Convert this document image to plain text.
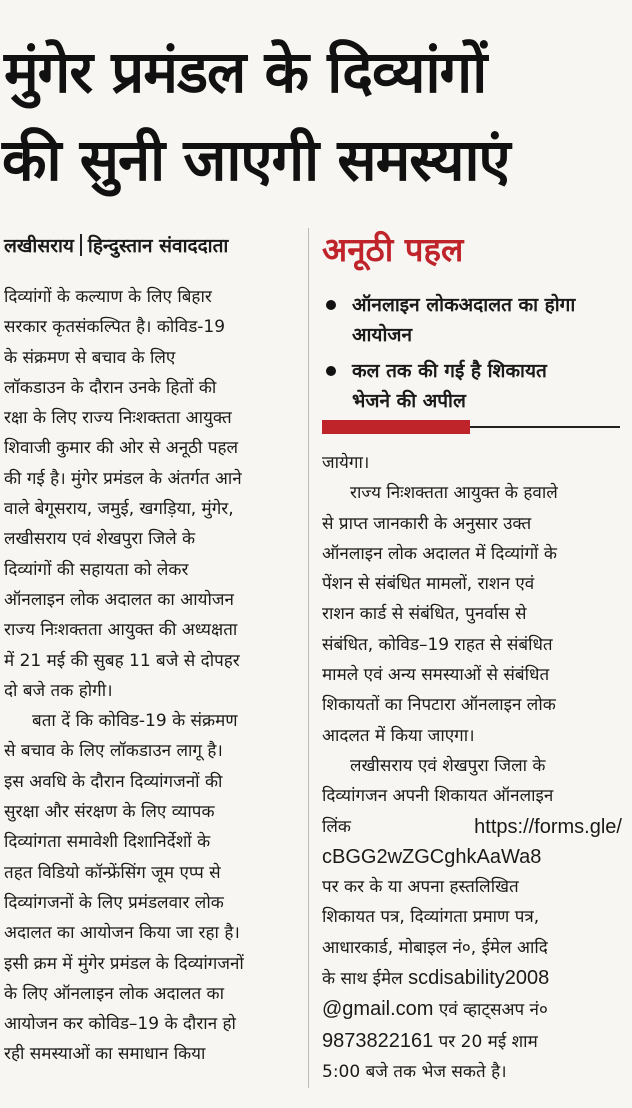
मुंगेर प्रमंडल के दिव्यांगों
की सुनी जाएगी समस्याएं
लखीसराय हिन्दुस्तान संवाददाता
दिव्यांगों के कल्याण के लिए बिहार
सरकार कृतसंकल्पित है। कोविड-19
के संक्रमण से बचाव के लिए
लॉकडाउन के दौरान उनके हितों की
रक्षा के लिए राज्य निःशक्तता आयुक्त
शिवाजी कुमार की ओर से अनूठी पहल
की गई है। मुंगेर प्रमंडल के अंतर्गत आने
वाले बेगूसराय, जमुई, खगड़िया, मुंगेर,
लखीसराय एवं शेखपुरा जिले के
दिव्यांगों की सहायता को लेकर
ऑनलाइन लोक अदालत का आयोजन
राज्य निःशक्तता आयुक्त की अध्यक्षता
में 21 मई की सुबह 11 बजे से दोपहर
दो बजे तक होगी।
बता दें कि कोविड-19 के संक्रमण
से बचाव के लिए लॉकडाउन लागू है।
इस अवधि के दौरान दिव्यांगजनों की
सुरक्षा और संरक्षण के लिए व्यापक
दिव्यांगता समावेशी दिशानिर्देशों के
तहत विडियो कॉन्फ्रेंसिंग जूम एप्प से
दिव्यांगजनों के लिए प्रमंडलवार लोक
अदालत का आयोजन किया जा रहा है।
इसी क्रम में मुंगेर प्रमंडल के दिव्यांगजनों
के लिए ऑनलाइन लोक अदालत का
आयोजन कर कोविड–19 के दौरान हो
रही समस्याओं का समाधान किया
अनूठी पहल
ऑनलाइन लोकअदालत का होगा
आयोजन
कल तक की गई है शिकायत
भेजने की अपील
जायेगा।
राज्य निःशक्तता आयुक्त के हवाले
से प्राप्त जानकारी के अनुसार उक्त
ऑनलाइन लोक अदालत में दिव्यांगों के
पेंशन से संबंधित मामलों, राशन एवं
राशन कार्ड से संबंधित, पुनर्वास से
संबंधित, कोविड–19 राहत से संबंधित
मामले एवं अन्य समस्याओं से संबंधित
शिकायतों का निपटारा ऑनलाइन लोक
आदलत में किया जाएगा।
लखीसराय एवं शेखपुरा जिला के
दिव्यांगजन अपनी शिकायत ऑनलाइन
लिंक	https://forms.gle/
cBGG2wZGCghkAaWa8
पर कर के या अपना हस्तलिखित
शिकायत पत्र, दिव्यांगता प्रमाण पत्र,
आधारकार्ड, मोबाइल नं०, ईमेल आदि
के साथ ईमेल scdisability2008
@gmail.com एवं व्हाट्सअप नं०
9873822161 पर 20 मई शाम
5:00 बजे तक भेज सकते है।
